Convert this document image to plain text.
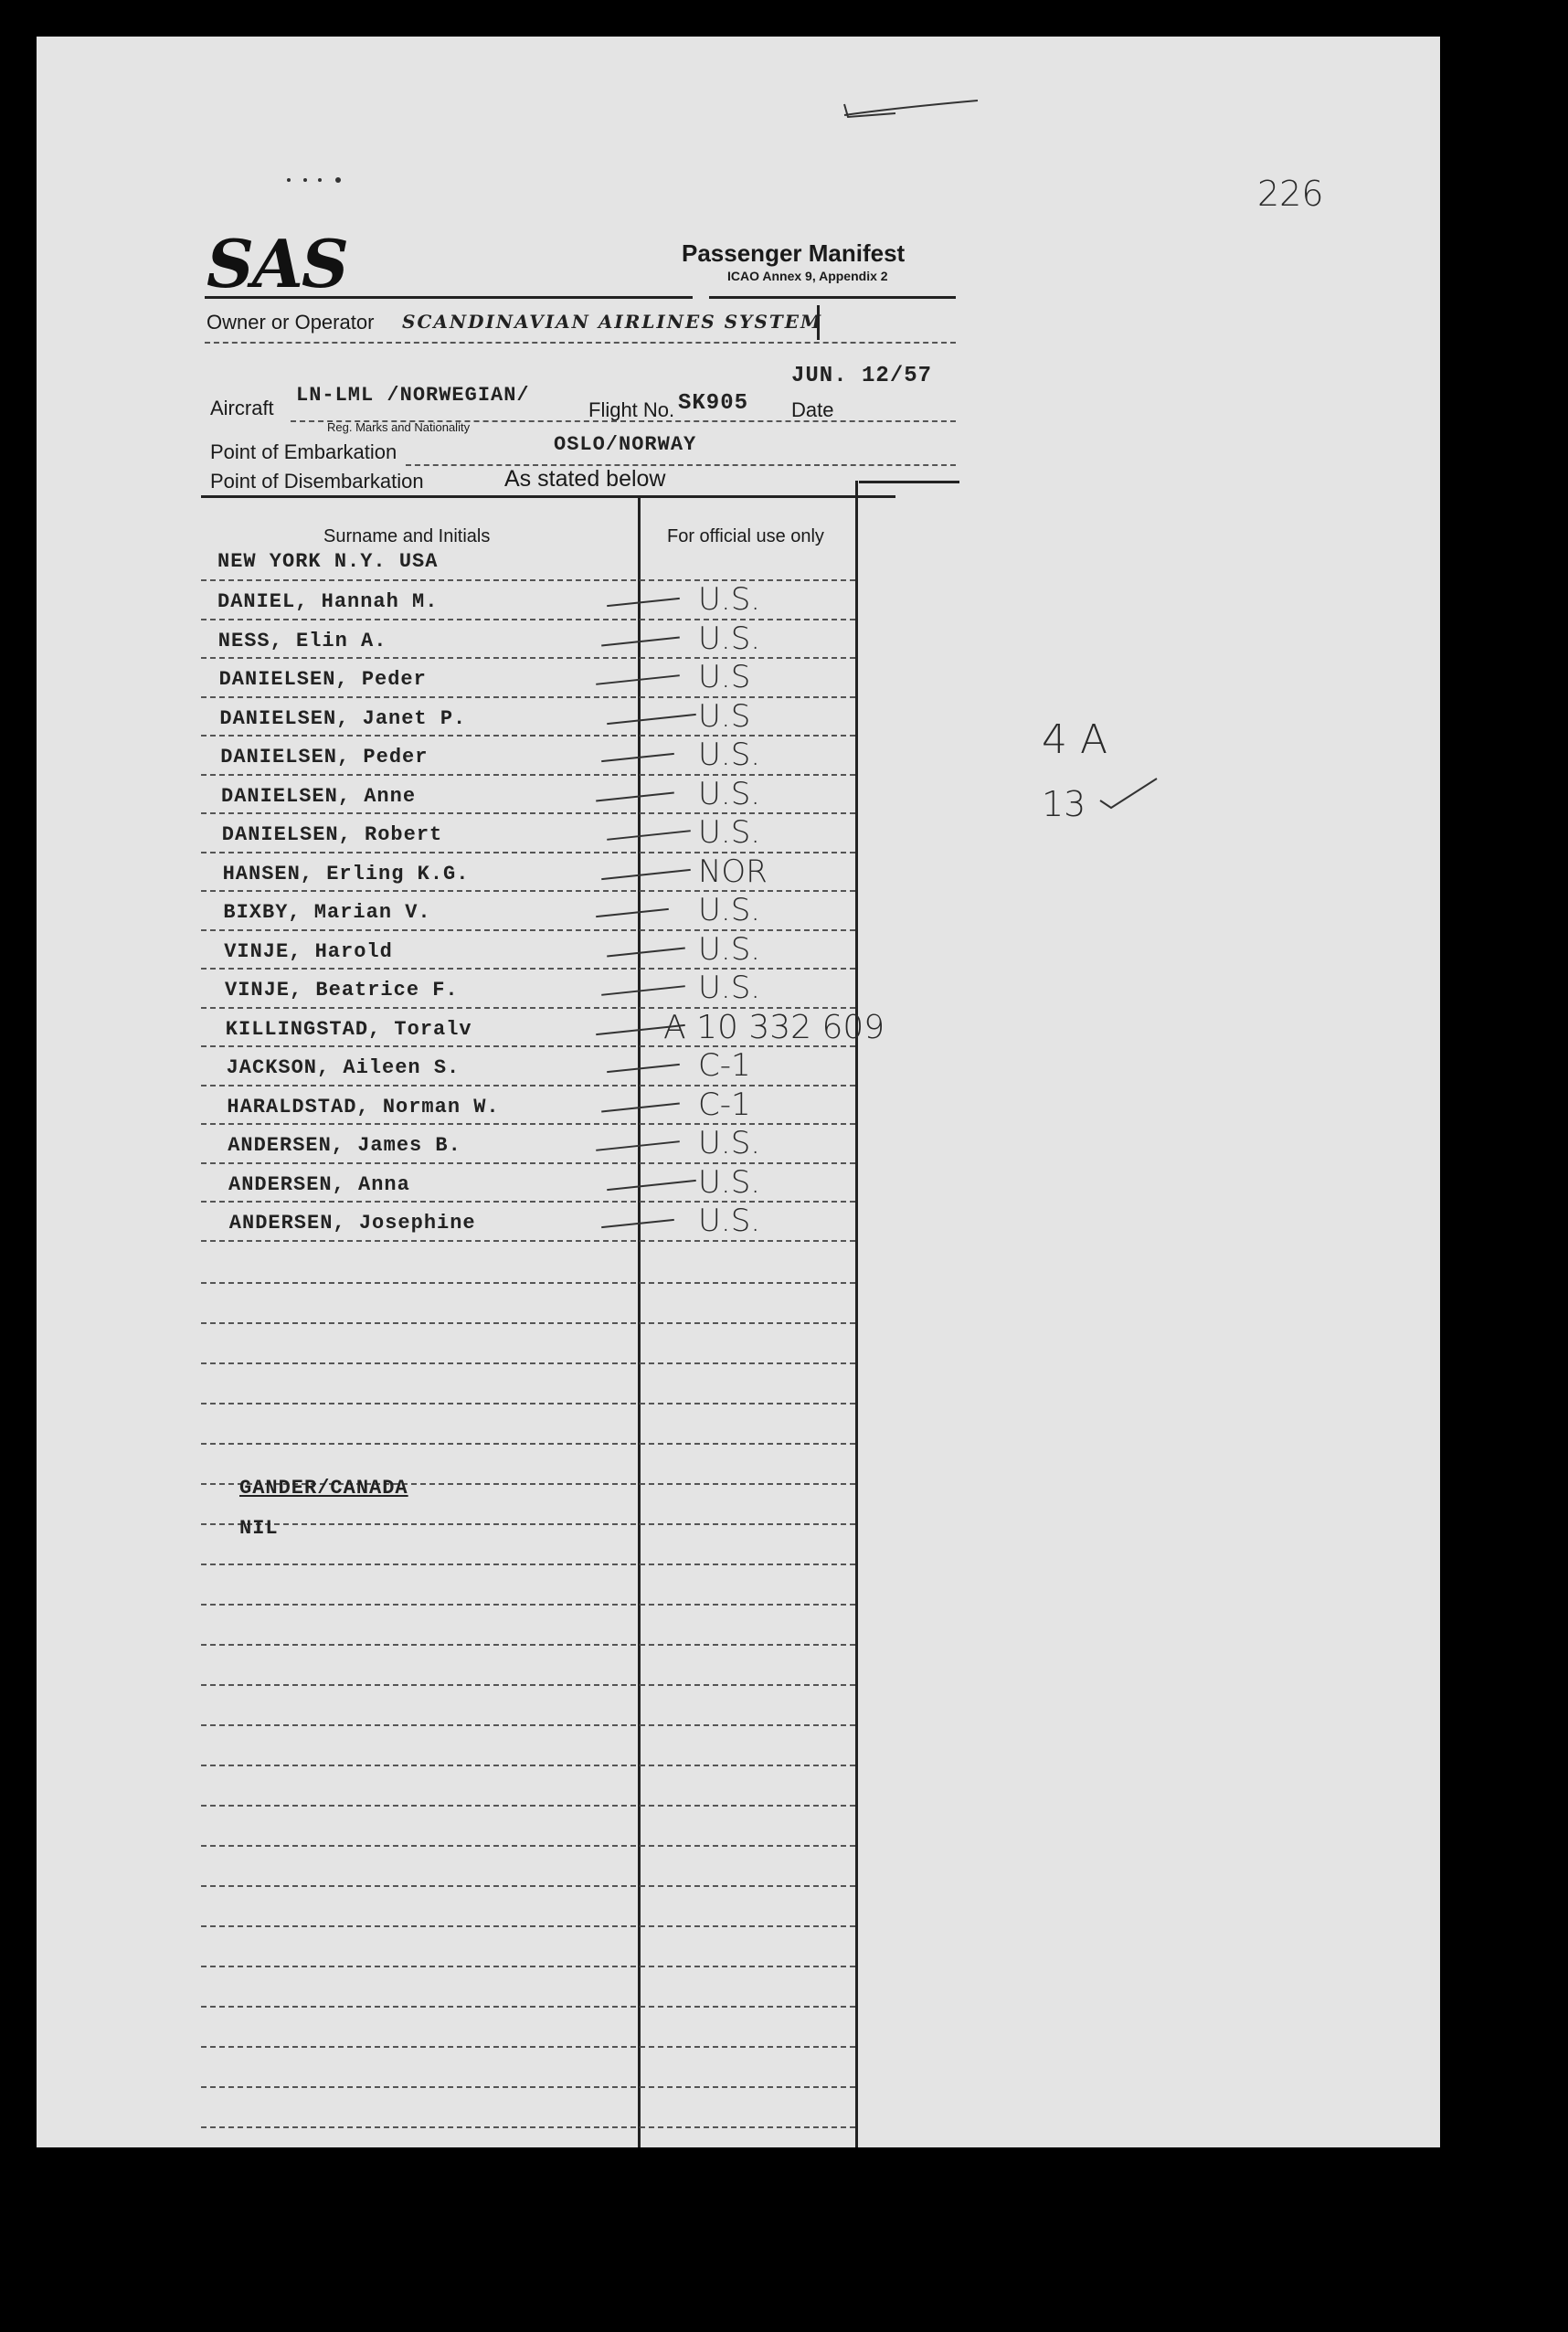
226
SAS	Passenger Manifest
ICAO Annex 9, Appendix 2
Owner or Operator SCANDINAVIAN AIRLINES SYSTEM
JUN. 12/57
Aircraft
LN-LML /NORWEGIAN/
Reg. Marks and Nationality
Flight No. SK905 Date
Point of Embarkation	OSLO/NORWAY
Point of Disembarkation	As stated below
Surname and Initials	For official use only
NEW YORK N.Y. USA
DANIEL, Hannah M.	U.S.
NESS, Elin A.	U.S.
DANIELSEN, Peder	U.S
DANIELSEN, Janet P.	U.S
DANIELSEN, Peder	U.S.
DANIELSEN, Anne	U.S.
DANIELSEN, Robert	U.S.
HANSEN, Erling K.G.	NOR
BIXBY, Marian V.	U.S.
VINJE, Harold	U.S.
VINJE, Beatrice F.	U.S.
KILLINGSTAD, Toralv	A 10 332 609
JACKSON, Aileen S.	C-1
HARALDSTAD, Norman W.	C-1
ANDERSEN, James B.	U.S.
ANDERSEN, Anna	U.S.
ANDERSEN, Josephine	U.S.
GANDER/CANADA
NIL
4 A
13
